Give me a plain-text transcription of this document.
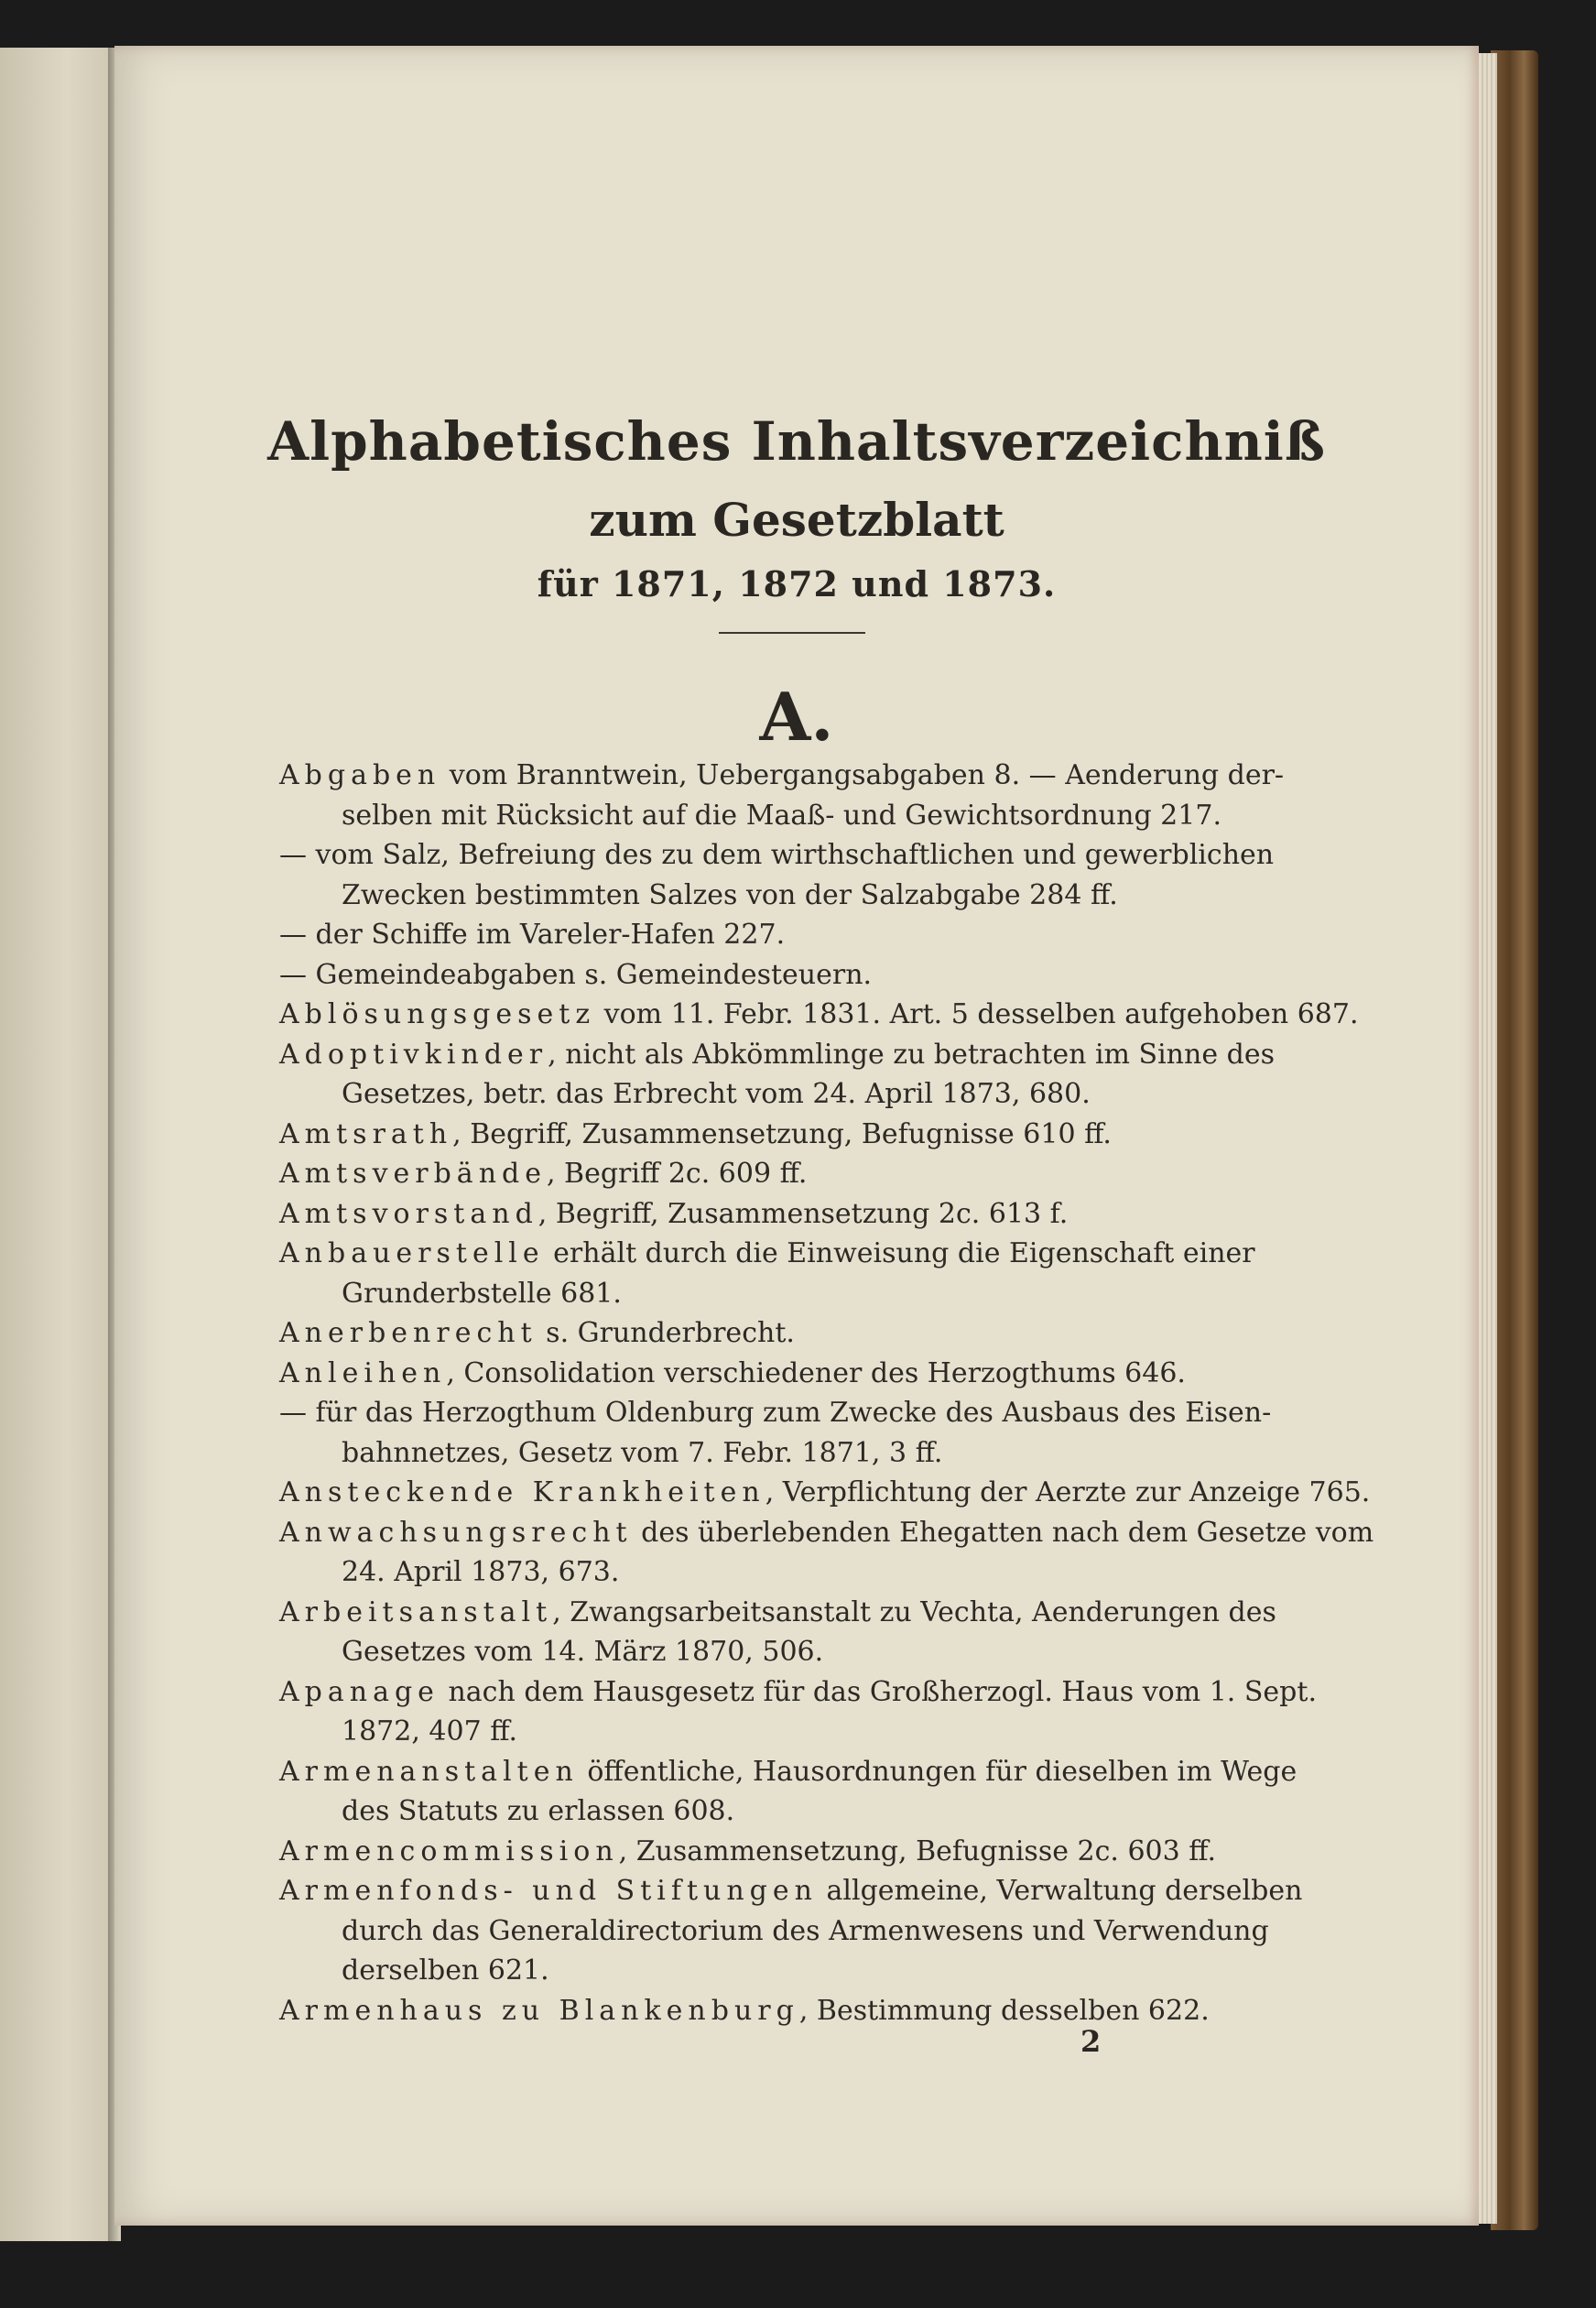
Alphabetisches Inhaltsverzeichniß
zum Gesetzblatt
für 1871, 1872 und 1873.
A.
Abgaben vom Branntwein, Uebergangsabgaben 8. — Aenderung der-
selben mit Rücksicht auf die Maaß- und Gewichtsordnung 217.
— vom Salz, Befreiung des zu dem wirthschaftlichen und gewerblichen
Zwecken bestimmten Salzes von der Salzabgabe 284 ff.
— der Schiffe im Vareler-Hafen 227.
— Gemeindeabgaben s. Gemeindesteuern.
Ablösungsgesetz vom 11. Febr. 1831. Art. 5 desselben aufgehoben 687.
Adoptivkinder, nicht als Abkömmlinge zu betrachten im Sinne des
Gesetzes, betr. das Erbrecht vom 24. April 1873, 680.
Amtsrath, Begriff, Zusammensetzung, Befugnisse 610 ff.
Amtsverbände, Begriff 2c. 609 ff.
Amtsvorstand, Begriff, Zusammensetzung 2c. 613 f.
Anbauerstelle erhält durch die Einweisung die Eigenschaft einer
Grunderbstelle 681.
Anerbenrecht s. Grunderbrecht.
Anleihen, Consolidation verschiedener des Herzogthums 646.
— für das Herzogthum Oldenburg zum Zwecke des Ausbaus des Eisen-
bahnnetzes, Gesetz vom 7. Febr. 1871, 3 ff.
Ansteckende Krankheiten, Verpflichtung der Aerzte zur Anzeige 765.
Anwachsungsrecht des überlebenden Ehegatten nach dem Gesetze vom
24. April 1873, 673.
Arbeitsanstalt, Zwangsarbeitsanstalt zu Vechta, Aenderungen des
Gesetzes vom 14. März 1870, 506.
Apanage nach dem Hausgesetz für das Großherzogl. Haus vom 1. Sept.
1872, 407 ff.
Armenanstalten öffentliche, Hausordnungen für dieselben im Wege
des Statuts zu erlassen 608.
Armencommission, Zusammensetzung, Befugnisse 2c. 603 ff.
Armenfonds- und Stiftungen allgemeine, Verwaltung derselben
durch das Generaldirectorium des Armenwesens und Verwendung
derselben 621.
Armenhaus zu Blankenburg, Bestimmung desselben 622.
2
